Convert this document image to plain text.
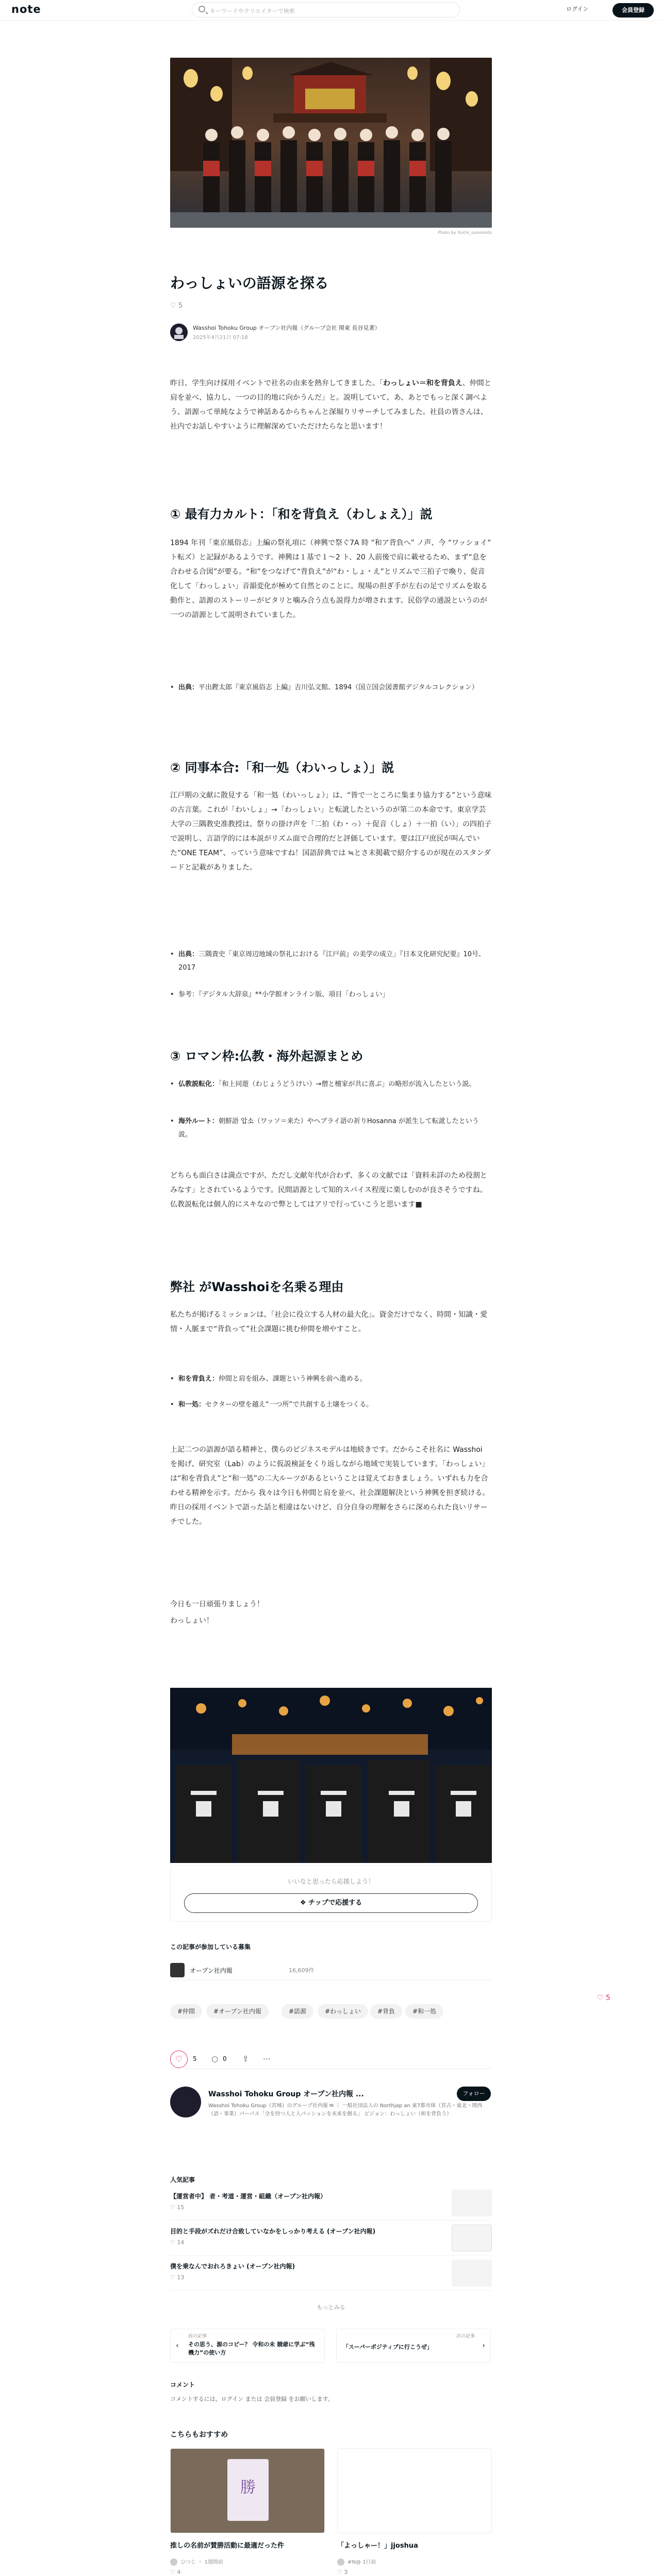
note	キーワードやクリエイターで検索	ログイン	会員登録
Photo by Yuichi_sumimoto
わっしょいの語源を探る
♡ 5
Wasshoi Tohoku Group オープン社内報（グループ会社 関東 長谷見著）
2025年4月21日 07:18
昨日、学生向け採用イベントで社名の由来を熱弁してきました。「わっしょい＝和を背負え、仲間と肩を並べ、協力し、一つの目的地に向かうんだ」と。説明していて、あ、あとでもっと深く調べよう、語源って単純なようで神話あるからちゃんと深堀りリサーチしてみました。社員の皆さんは、社内でお話しやすいように理解深めていただけたらなと思います！
① 最有力カルト：「和を背負え（わしょえ）」説
1894 年刊「東京風俗志」上編の祭礼項に（神興で祭ぐ7A 時 “和ア背負へ” ノ声、今 “ワッショイ” ト転ズ）と記録があるようです。神興は１基で１〜2 ト、20 人前後で肩に載せるため、まず“息を合わせる合図”が要る。“和”をつなげて“背負え”が“わ・しょ・え”とリズムで三拍子で喚り、促音化して「わっしょい」音韻変化が極めて自然とのことに。現場の担ぎ手が左右の足でリズムを取る動作と、語源のストーリーがピタリと噛み合う点も説得力が増されます。民俗学の通説というのが一つの語源として説明されていました。
• 出典：平出鏗太郎『東京風俗志 上編』吉川弘文館、1894（国立国会図書館デジタルコレクション）
② 同事本合:「和一処（わいっしょ）」説
江戸期の文献に散見する「和一処（わいっしょ）」は、“皆で一ところに集まり協力する”という意味の古言葉。これが「わいしょ」→「わっしょい」と転訛したというのが第二の本命です。東京学芸大学の三隅教史准教授は、祭りの掛け声を「二拍（わ・っ）＋促音（しょ）＋一拍（い）」の四拍子で説明し、言語学的には本説がリズム面で合理的だと評価しています。要は江戸庶民が叫んでいた“ONE TEAM”、っていう意味ですね！国語辞典では ≒とさ未掲載で紹介するのが現在のスタンダードと記載がありました。
• 出典：三隅貴史「東京周辺地域の祭礼における『江戸前』の美学の成立」『日本文化研究紀要』10号、2017
• 参考：『デジタル大辞泉』**小学館オンライン版、項目「わっしょい」
③ ロマン枠:仏教・海外起源まとめ
• 仏教説転化：「和上同遊（わじょうどうけい）→僧と檀家が共に喜ぶ」の略形が流入したという説。
• 海外ルート：朝鮮語 압소（ワッソ＝来た）やヘブライ語の祈りHosanna が派生して転訛したという説。
どちらも面白さは満点ですが、ただし文献年代が合わず、多くの文献では「資料未詳のため役割とみなす」とされているようです。民間語源として知的スパイス程度に楽しむのが良さそうですね。仏教説転化は個人的にスキなので弊としてはアリで行っていこうと思います■
弊社 がWasshoiを名乗る理由
私たちが掲げるミッションは、「社会に役立する人材の最大化」。資金だけでなく、時間・知識・愛情・人脈まで“背負って”社会課題に挑む仲間を増やすこと。
• 和を背負え：仲間と肩を組み、課題という神興を前へ進める。
• 和一処：セクターの壁を越え“一つ所”で共創する土壌をつくる。
上記二つの語源が語る精神と、僕らのビジネスモデルは地続きです。だからこそ社名に Wasshoi を掲げ、研究室（Lab）のように仮説検証をくり返しながら地域で実装しています。「わっしょい」は“和を背負え”と“和一処”の二大ルーツがあるということは覚えておきましょう。いずれも力を合わせる精神を示す。だから 我々は今日も仲間と肩を並べ、社会課題解決という神興を担ぎ続ける。昨日の採用イベントで語った話と相違はないけど、自分自身の理解をさらに深められた良いリサーチでした。
今日も一日頑張りましょう！
わっしょい！
いいなと思ったら応援しよう！
❖ チップで応援する
この記事が参加している募集
オープン社内報	16,609件
#仲間	#オープン社内報	#語源	#わっしょい	#背負	#和一処
♡ 5
♡	5 ○ 0 ⇪ ⋯
Wasshoi Tohoku Group オープン社内報 ...	フォロー
Wasshoi Tohoku Group（宮城）のグループ社内報 ✉ ｜ 一般社団法人の Northjap an 東7都市体（宮古・東北・関西 （語・事業）パーパス「全を持つ人と人パッションを未来を創る」 ビジョン：わっしょい（和を背負う）
人気記事
【運営者中】 者・考道・運営・組織（オープン社内報）
♡ 15
目的と手段がズれだけ合致していなかをしっかり考える (オープン社内報)
♡ 14
僕を乗なんでおれろきょい (オープン社内報)
♡ 13
もっとみる
‹
前の記事
その思う、源のコピー？ 令和の未 競爺に学ぶ“残機力”の使い方
次の記事
「スーパーポジティブに行こうぜ」	›
コメント
コメントするには、ログイン または 会員登録 をお願いします。
こちらもおすすめ
勝
推しの名前が賛勝活動に最適だった件
ひつじ ・ 1週間前
♡ 4
「よっしゃー！」jjoshua
#N@ 1日前
♡ 3
